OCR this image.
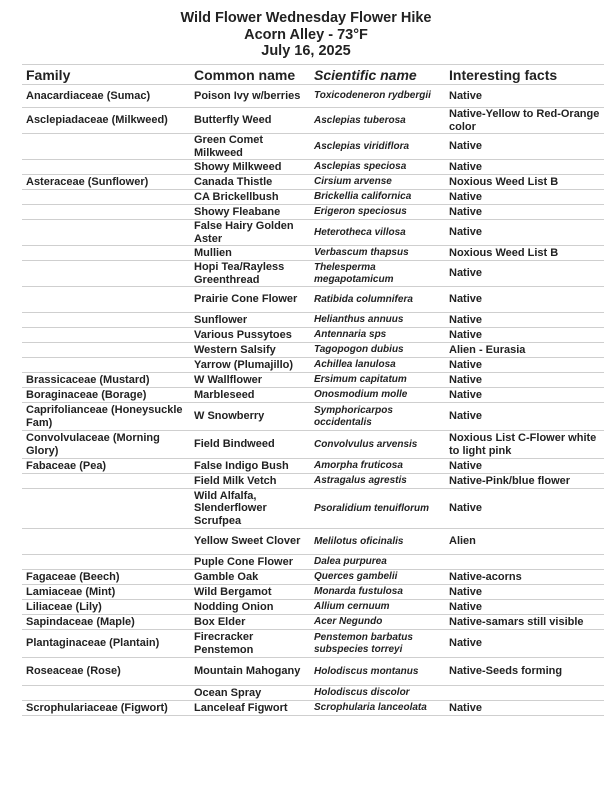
Wild Flower Wednesday Flower Hike
Acorn Alley - 73°F
July 16, 2025
Family	Common name	Scientific name	Interesting facts
Anacardiaceae (Sumac)	Poison Ivy w/berries	Toxicodeneron rydbergii	Native
Asclepiadaceae (Milkweed)	Butterfly Weed	Asclepias tuberosa	Native-Yellow to Red-Orange color
	Green Comet Milkweed	Asclepias viridiflora	Native
	Showy Milkweed	Asclepias speciosa	Native
Asteraceae (Sunflower)	Canada Thistle	Cirsium arvense	Noxious Weed List B
	CA Brickellbush	Brickellia californica	Native
	Showy Fleabane	Erigeron speciosus	Native
	False Hairy Golden Aster	Heterotheca villosa	Native
	Mullien	Verbascum thapsus	Noxious Weed List B
	Hopi Tea/Rayless Greenthread	Thelesperma megapotamicum	Native
	Prairie Cone Flower	Ratibida columnifera	Native
	Sunflower	Helianthus annuus	Native
	Various Pussytoes	Antennaria sps	Native
	Western Salsify	Tagopogon dubius	Alien - Eurasia
	Yarrow (Plumajillo)	Achillea lanulosa	Native
Brassicaceae (Mustard)	W Wallflower	Ersimum capitatum	Native
Boraginaceae (Borage)	Marbleseed	Onosmodium molle	Native
Caprifolianceae (Honeysuckle Fam)	W Snowberry	Symphoricarpos occidentalis	Native
Convolvulaceae (Morning Glory)	Field Bindweed	Convolvulus arvensis	Noxious List C-Flower white to light pink
Fabaceae (Pea)	False Indigo Bush	Amorpha fruticosa	Native
	Field Milk Vetch	Astragalus agrestis	Native-Pink/blue flower
	Wild Alfalfa, Slenderflower Scrufpea	Psoralidium tenuiflorum	Native
	Yellow Sweet Clover	Melilotus oficinalis	Alien
	Puple Cone Flower	Dalea purpurea	
Fagaceae (Beech)	Gamble Oak	Querces gambelii	Native-acorns
Lamiaceae (Mint)	Wild Bergamot	Monarda fustulosa	Native
Liliaceae (Lily)	Nodding Onion	Allium cernuum	Native
Sapindaceae (Maple)	Box Elder	Acer Negundo	Native-samars still visible
Plantaginaceae (Plantain)	Firecracker Penstemon	Penstemon barbatus subspecies torreyi	Native
Roseaceae (Rose)	Mountain Mahogany	Holodiscus montanus	Native-Seeds forming
	Ocean Spray	Holodiscus discolor	
Scrophulariaceae (Figwort)	Lanceleaf Figwort	Scrophularia lanceolata	Native
